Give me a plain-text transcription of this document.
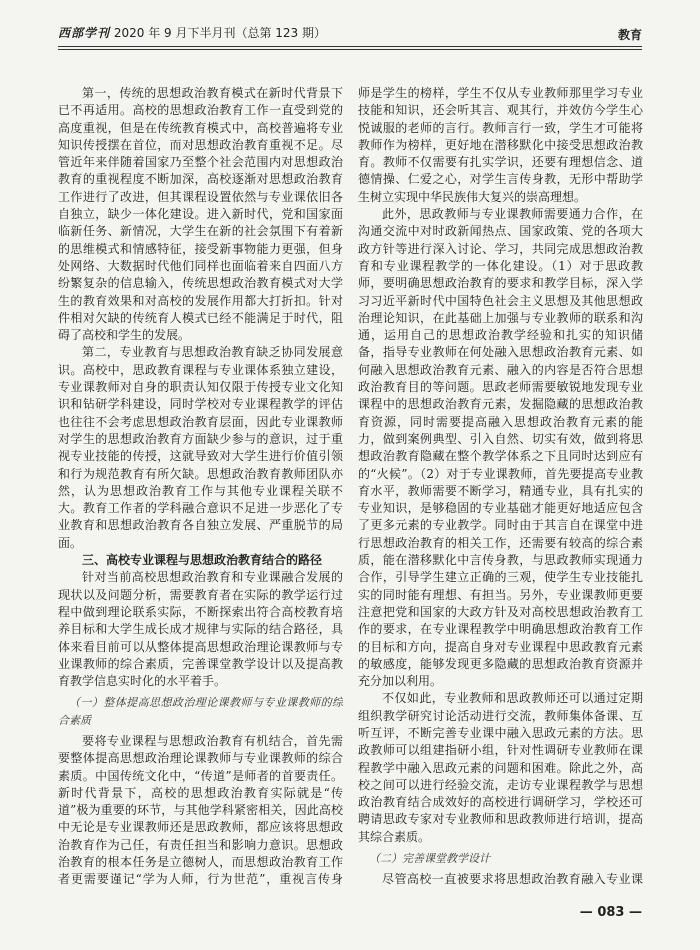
西部学刊 2020 年 9 月下半月刊（总第 123 期）	教育

第一，传统的思想政治教育模式在新时代背景下已不再适用。高校的思想政治教育工作一直受到党的高度重视，但是在传统教育模式中，高校普遍将专业知识传授摆在首位，而对思想政治教育重视不足。尽管近年来伴随着国家乃至整个社会范围内对思想政治教育的重视程度不断加深，高校逐渐对思想政治教育工作进行了改进，但其课程设置依然与专业课依旧各自独立，缺少一体化建设。进入新时代，党和国家面临新任务、新情况，大学生在新的社会氛围下有着新的思维模式和情感特征，接受新事物能力更强，但身处网络、大数据时代他们同样也面临着来自四面八方纷繁复杂的信息输入，传统思想政治教育模式对大学生的教育效果和对高校的发展作用都大打折扣。针对件相对欠缺的传统育人模式已经不能满足于时代，阻碍了高校和学生的发展。

第二，专业教育与思想政治教育缺乏协同发展意识。高校中，思政教育课程与专业课体系独立建设，专业课教师对自身的职责认知仅限于传授专业文化知识和钻研学科建设，同时学校对专业课程教学的评估也往往不会考虑思想政治教育层面，因此专业课教师对学生的思想政治教育方面缺少参与的意识，过于重视专业技能的传授，这就导致对大学生进行价值引领和行为规范教育有所欠缺。思想政治教育教师团队亦然，认为思想政治教育工作与其他专业课程关联不大。教育工作者的学科融合意识不足进一步恶化了专业教育和思想政治教育各自独立发展、严重脱节的局面。

三、高校专业课程与思想政治教育结合的路径

针对当前高校思想政治教育和专业课融合发展的现状以及问题分析，需要教育者在实际的教学运行过程中做到理论联系实际，不断探索出符合高校教育培养目标和大学生成长成才规律与实际的结合路径，具体来看目前可以从整体提高思想政治理论课教师与专业课教师的综合素质，完善课堂教学设计以及提高教育教学信息实时化的水平着手。

（一）整体提高思想政治理论课教师与专业课教师的综合素质

要将专业课程与思想政治教育有机结合，首先需要整体提高思想政治理论课教师与专业课教师的综合素质。中国传统文化中，“传道”是师者的首要责任。新时代背景下，高校的思想政治教育实际就是“传道”极为重要的环节，与其他学科紧密相关，因此高校中无论是专业课教师还是思政教师，都应该将思想政治教育作为己任，有责任担当和影响力意识。思想政治教育的根本任务是立德树人，而思想政治教育工作者更需要谨记“学为人师，行为世范”，重视言传身

师是学生的榜样，学生不仅从专业教师那里学习专业技能和知识，还会听其言、观其行，并效仿今学生心悦诚服的老师的言行。教师言行一致，学生才可能将教师作为榜样，更好地在潜移默化中接受思想政治教育。教师不仅需要有扎实学识，还要有理想信念、道德情操、仁爱之心，对学生言传身教，无形中帮助学生树立实现中华民族伟大复兴的崇高理想。

此外，思政教师与专业课教师需要通力合作，在沟通交流中对时政新闻热点、国家政策、党的各项大政方针等进行深入讨论、学习，共同完成思想政治教育和专业课程教学的一体化建设。（1）对于思政教师，要明确思想政治教育的要求和教学目标，深入学习习近平新时代中国特色社会主义思想及其他思想政治理论知识，在此基础上加强与专业教师的联系和沟通，运用自己的思想政治教学经验和扎实的知识储备，指导专业教师在何处融入思想政治教育元素、如何融入思想政治教育元素、融入的内容是否符合思想政治教育目的等问题。思政老师需要敏锐地发现专业课程中的思想政治教育元素，发掘隐藏的思想政治教育资源，同时需要提高融入思想政治教育元素的能力，做到案例典型、引入自然、切实有效，做到将思想政治教育隐藏在整个教学体系之下且同时达到应有的“火候”。（2）对于专业课教师，首先要提高专业教育水平，教师需要不断学习，精通专业，具有扎实的专业知识，是够稳固的专业基础才能更好地适应包含了更多元素的专业教学。同时由于其言自在课堂中进行思想政治教育的相关工作，还需要有较高的综合素质，能在潜移默化中言传身教，与思政教师实现通力合作，引导学生建立正确的三观，使学生专业技能扎实的同时能有理想、有担当。另外，专业课教师更要注意把党和国家的大政方针及对高校思想政治教育工作的要求，在专业课程教学中明确思想政治教育工作的目标和方向，提高自身对专业课程中思政教育元素的敏感度，能够发现更多隐藏的思想政治教育资源并充分加以利用。

不仅如此，专业教师和思政教师还可以通过定期组织教学研究讨论活动进行交流，教师集体备课、互听互评，不断完善专业课中融入思政元素的方法。思政教师可以组建指研小组，针对性调研专业教师在课程教学中融入思政元素的问题和困难。除此之外，高校之间可以进行经验交流，走访专业课程教学与思想政治教育结合成效好的高校进行调研学习，学校还可聘请思政专家对专业教师和思政教师进行培训，提高其综合素质。

（二）完善课堂教学设计

尽管高校一直被要求将思想政治教育融入专业课

— 083 —
